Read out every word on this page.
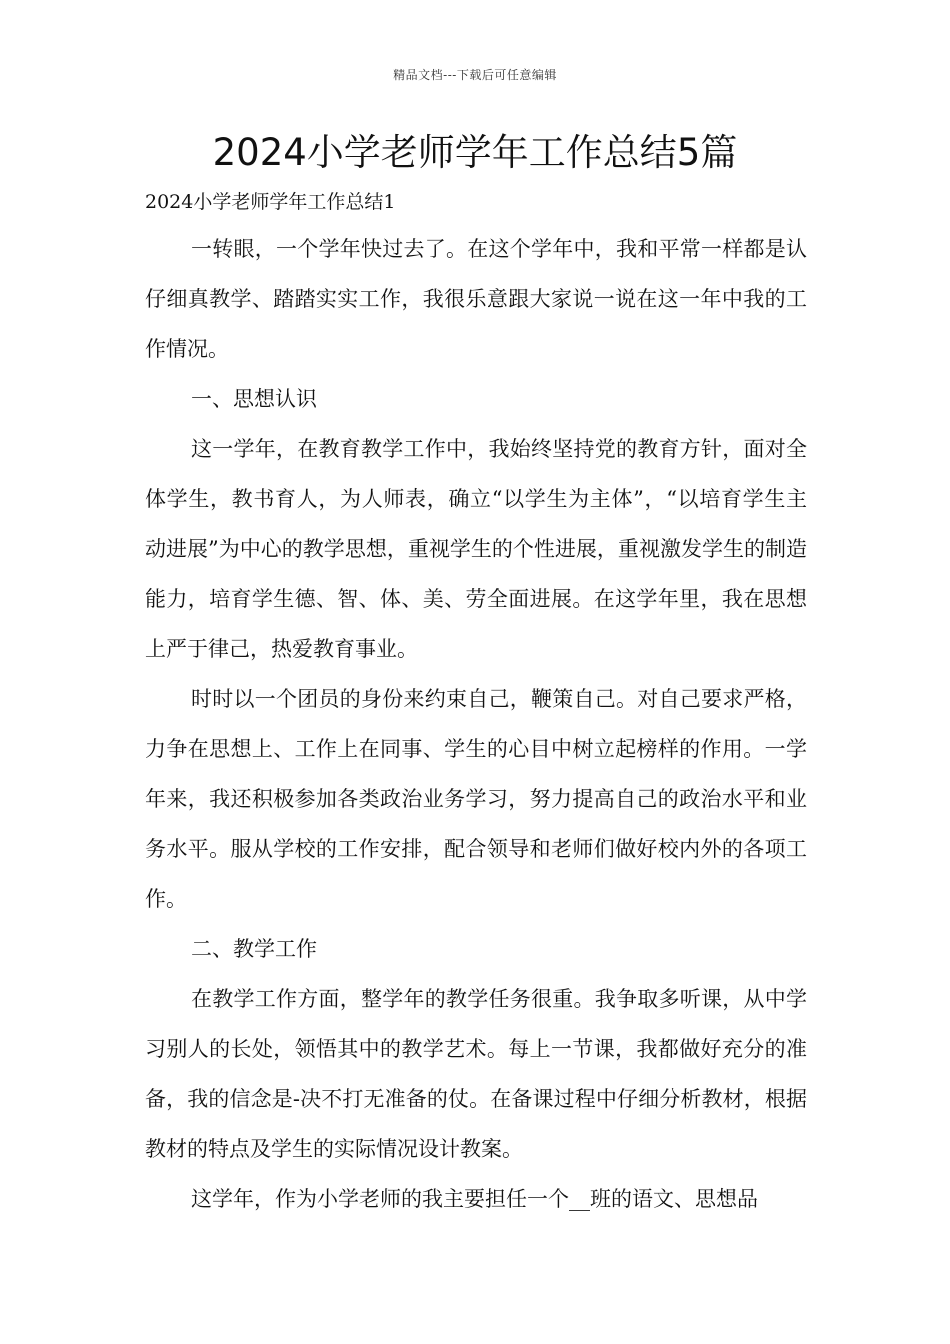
精品文档---下载后可任意编辑
2024小学老师学年工作总结5篇

2024小学老师学年工作总结1

一转眼，一个学年快过去了。在这个学年中，我和平常一样都是认仔细真教学、踏踏实实工作，我很乐意跟大家说一说在这一年中我的工作情况。

一、思想认识

这一学年，在教育教学工作中，我始终坚持党的教育方针，面对全体学生，教书育人，为人师表，确立“以学生为主体”，“以培育学生主动进展”为中心的教学思想，重视学生的个性进展，重视激发学生的制造能力，培育学生德、智、体、美、劳全面进展。在这学年里，我在思想上严于律己，热爱教育事业。

时时以一个团员的身份来约束自己，鞭策自己。对自己要求严格，力争在思想上、工作上在同事、学生的心目中树立起榜样的作用。一学年来，我还积极参加各类政治业务学习，努力提高自己的政治水平和业务水平。服从学校的工作安排，配合领导和老师们做好校内外的各项工作。

二、教学工作

在教学工作方面，整学年的教学任务很重。我争取多听课，从中学习别人的长处，领悟其中的教学艺术。每上一节课，我都做好充分的准备，我的信念是-决不打无准备的仗。在备课过程中仔细分析教材，根据教材的特点及学生的实际情况设计教案。

这学年，作为小学老师的我主要担任一个__班的语文、思想品
